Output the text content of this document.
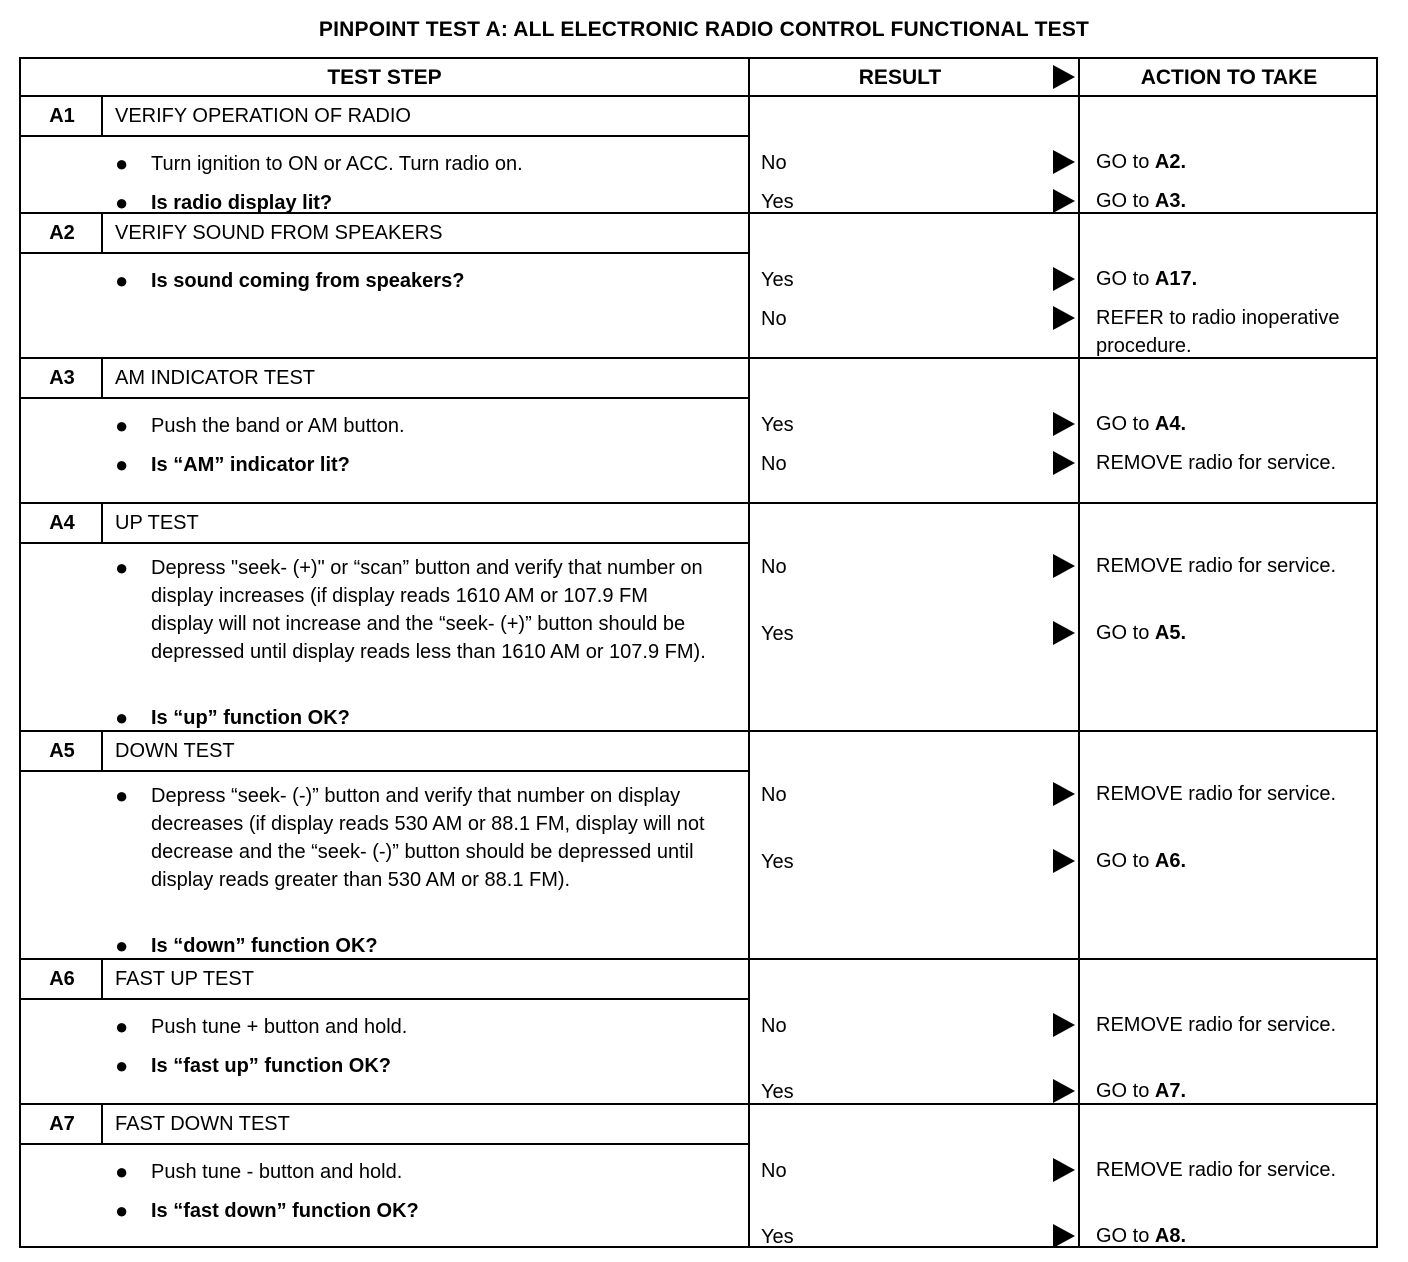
PINPOINT TEST A: ALL ELECTRONIC RADIO CONTROL FUNCTIONAL TEST
TEST STEP	RESULT	ACTION TO TAKE
A1	VERIFY OPERATION OF RADIO
● Turn ignition to ON or ACC. Turn radio on.
● Is radio display lit?
No	GO to A2.
Yes	GO to A3.
A2	VERIFY SOUND FROM SPEAKERS
● Is sound coming from speakers?	Yes	GO to A17.
No	REFER to radio inoperative procedure.
A3	AM INDICATOR TEST
● Push the band or AM button.
● Is “AM” indicator lit?
Yes	GO to A4.
No	REMOVE radio for service.
A4	UP TEST
● Depress "seek- (+)" or “scan” button and verify that number on display increases (if display reads 1610 AM or 107.9 FM display will not increase and the “seek- (+)” button should be depressed until display reads less than 1610 AM or 107.9 FM).
● Is “up” function OK?
No	REMOVE radio for service.
Yes	GO to A5.
A5	DOWN TEST
● Depress “seek- (-)” button and verify that number on display decreases (if display reads 530 AM or 88.1 FM, display will not decrease and the “seek- (-)” button should be depressed until display reads greater than 530 AM or 88.1 FM).
● Is “down” function OK?
No	REMOVE radio for service.
Yes	GO to A6.
A6	FAST UP TEST
● Push tune + button and hold.
● Is “fast up” function OK?
No	REMOVE radio for service.
Yes	GO to A7.
A7	FAST DOWN TEST
● Push tune - button and hold.
● Is “fast down” function OK?
No	REMOVE radio for service.
Yes	GO to A8.
